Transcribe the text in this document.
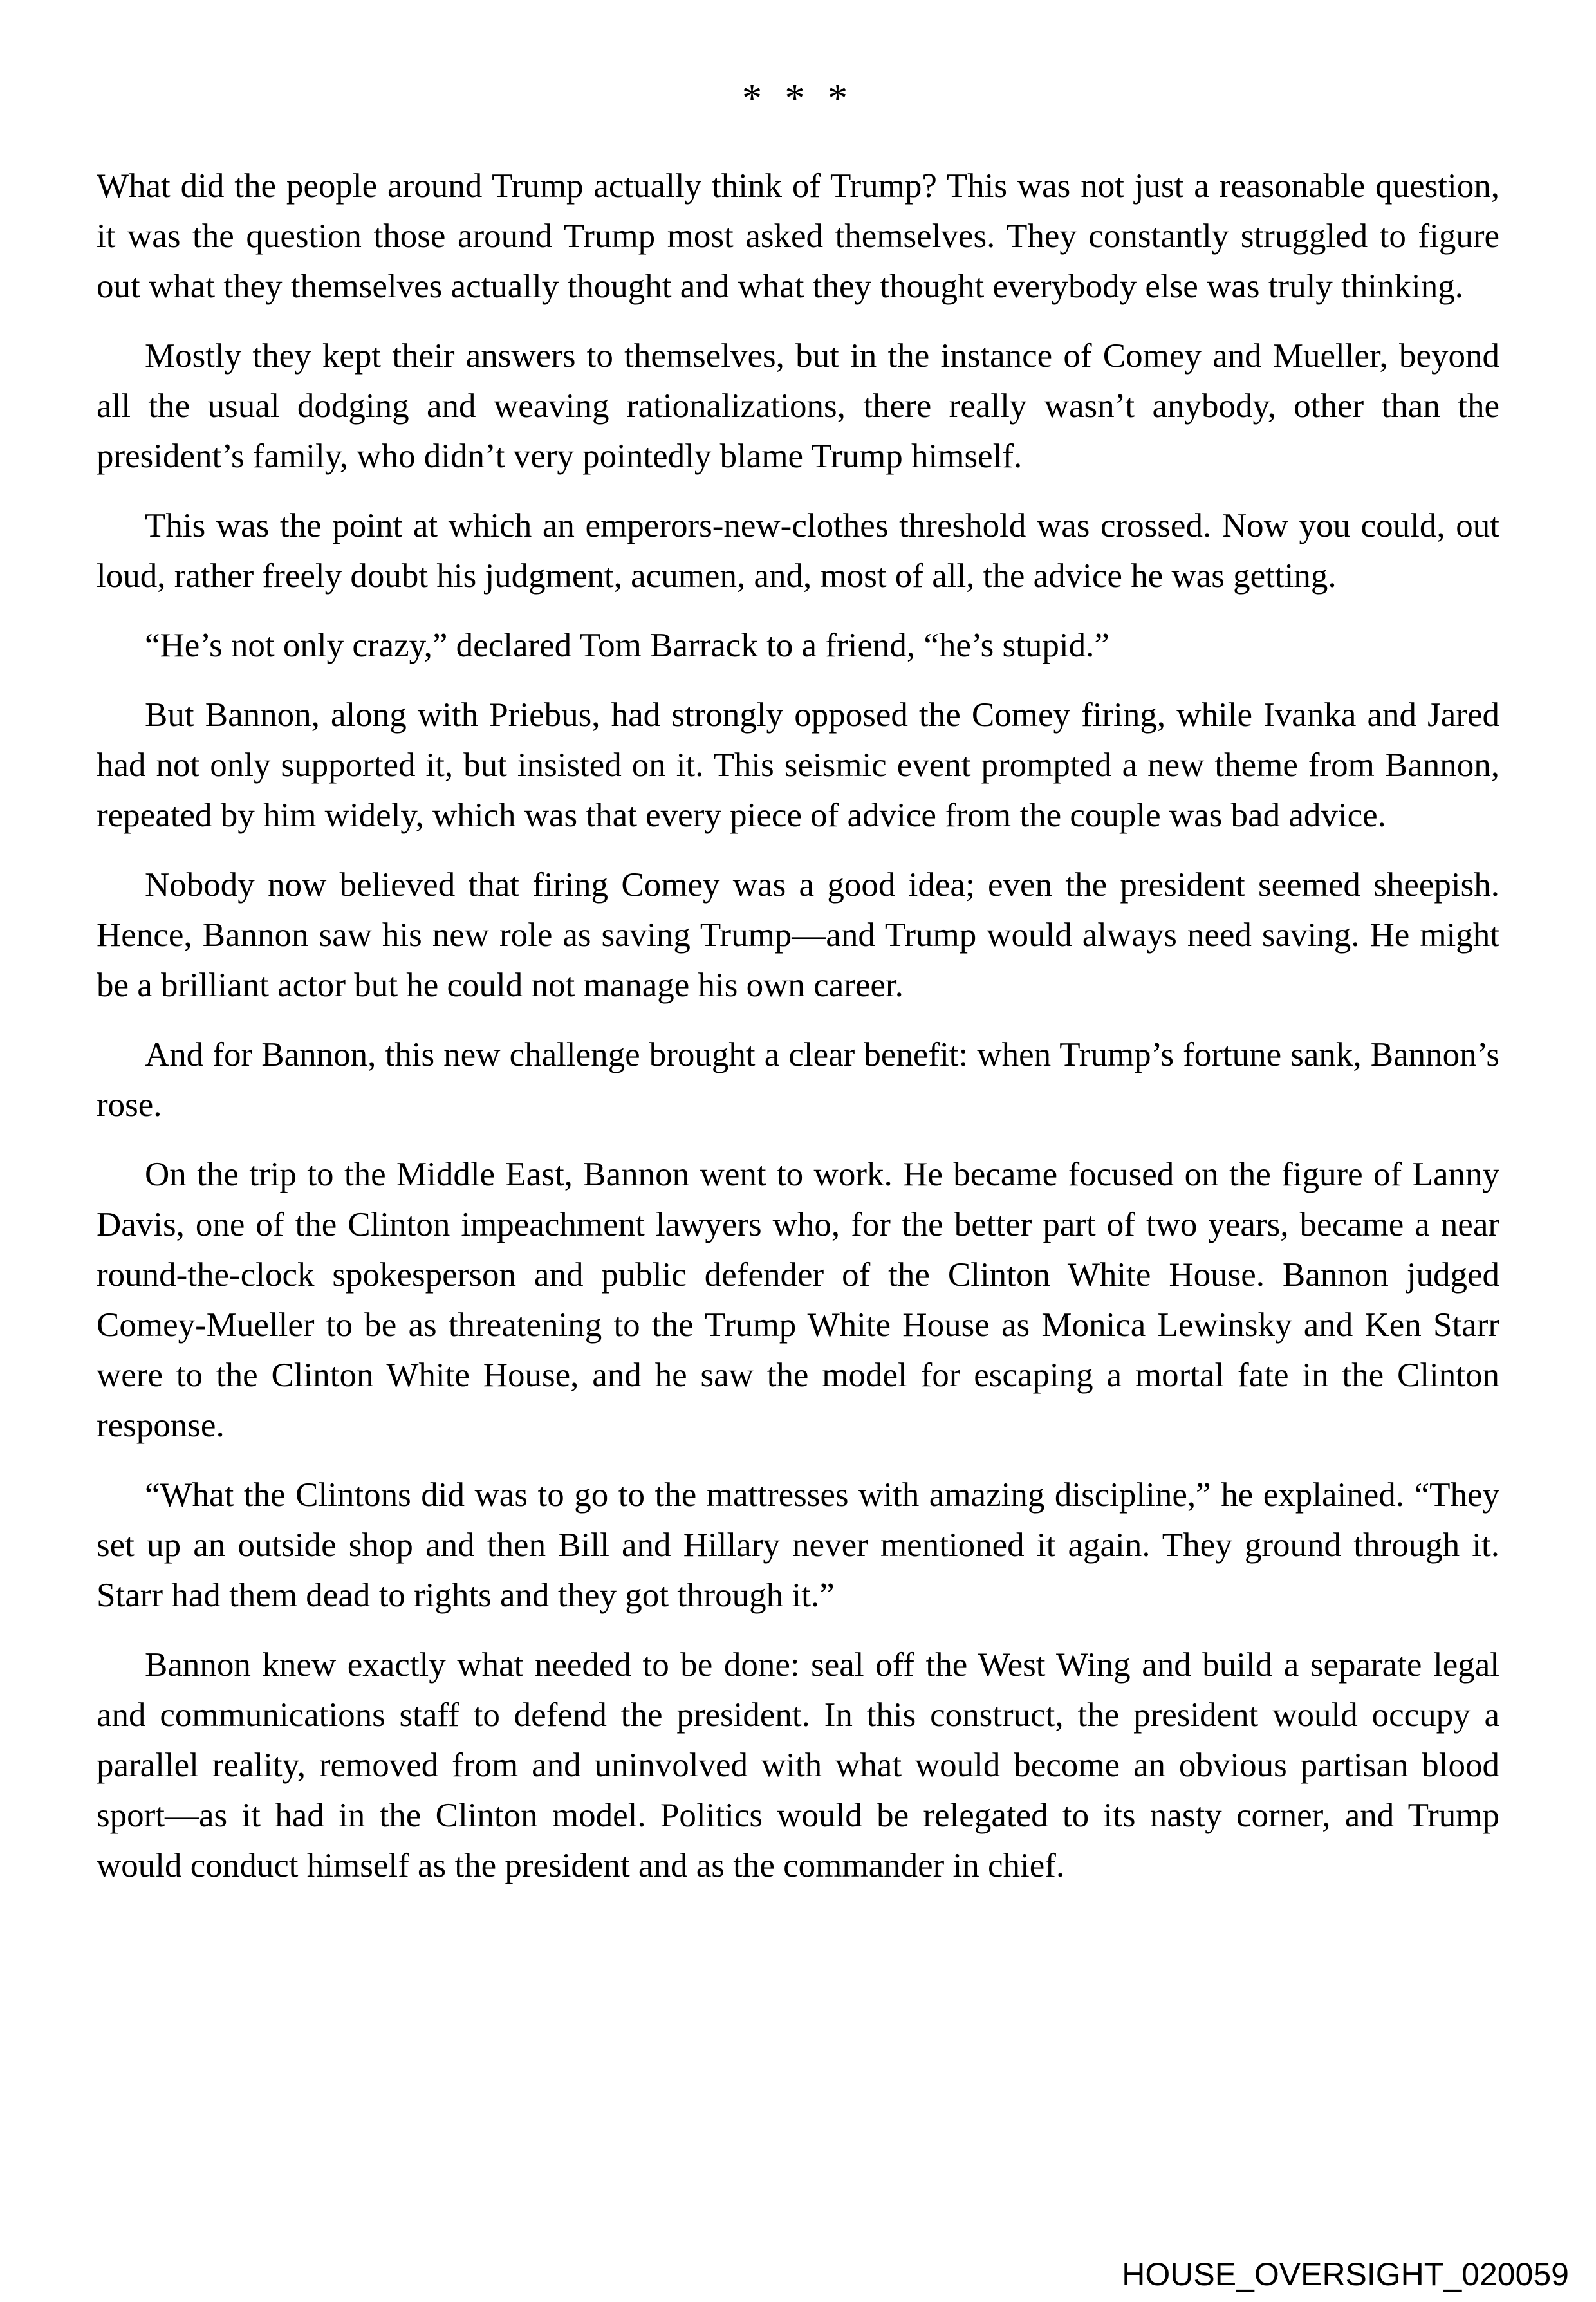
* * *

What did the people around Trump actually think of Trump? This was not just a reasonable question, it was the question those around Trump most asked themselves. They constantly struggled to figure out what they themselves actually thought and what they thought everybody else was truly thinking.

Mostly they kept their answers to themselves, but in the instance of Comey and Mueller, beyond all the usual dodging and weaving rationalizations, there really wasn’t anybody, other than the president’s family, who didn’t very pointedly blame Trump himself.

This was the point at which an emperors-new-clothes threshold was crossed. Now you could, out loud, rather freely doubt his judgment, acumen, and, most of all, the advice he was getting.

“He’s not only crazy,” declared Tom Barrack to a friend, “he’s stupid.”

But Bannon, along with Priebus, had strongly opposed the Comey firing, while Ivanka and Jared had not only supported it, but insisted on it. This seismic event prompted a new theme from Bannon, repeated by him widely, which was that every piece of advice from the couple was bad advice.

Nobody now believed that firing Comey was a good idea; even the president seemed sheepish. Hence, Bannon saw his new role as saving Trump—and Trump would always need saving. He might be a brilliant actor but he could not manage his own career.

And for Bannon, this new challenge brought a clear benefit: when Trump’s fortune sank, Bannon’s rose.

On the trip to the Middle East, Bannon went to work. He became focused on the figure of Lanny Davis, one of the Clinton impeachment lawyers who, for the better part of two years, became a near round-the-clock spokesperson and public defender of the Clinton White House. Bannon judged Comey-Mueller to be as threatening to the Trump White House as Monica Lewinsky and Ken Starr were to the Clinton White House, and he saw the model for escaping a mortal fate in the Clinton response.

“What the Clintons did was to go to the mattresses with amazing discipline,” he explained. “They set up an outside shop and then Bill and Hillary never mentioned it again. They ground through it. Starr had them dead to rights and they got through it.”

Bannon knew exactly what needed to be done: seal off the West Wing and build a separate legal and communications staff to defend the president. In this construct, the president would occupy a parallel reality, removed from and uninvolved with what would become an obvious partisan blood sport—as it had in the Clinton model. Politics would be relegated to its nasty corner, and Trump would conduct himself as the president and as the commander in chief.

HOUSE_OVERSIGHT_020059
